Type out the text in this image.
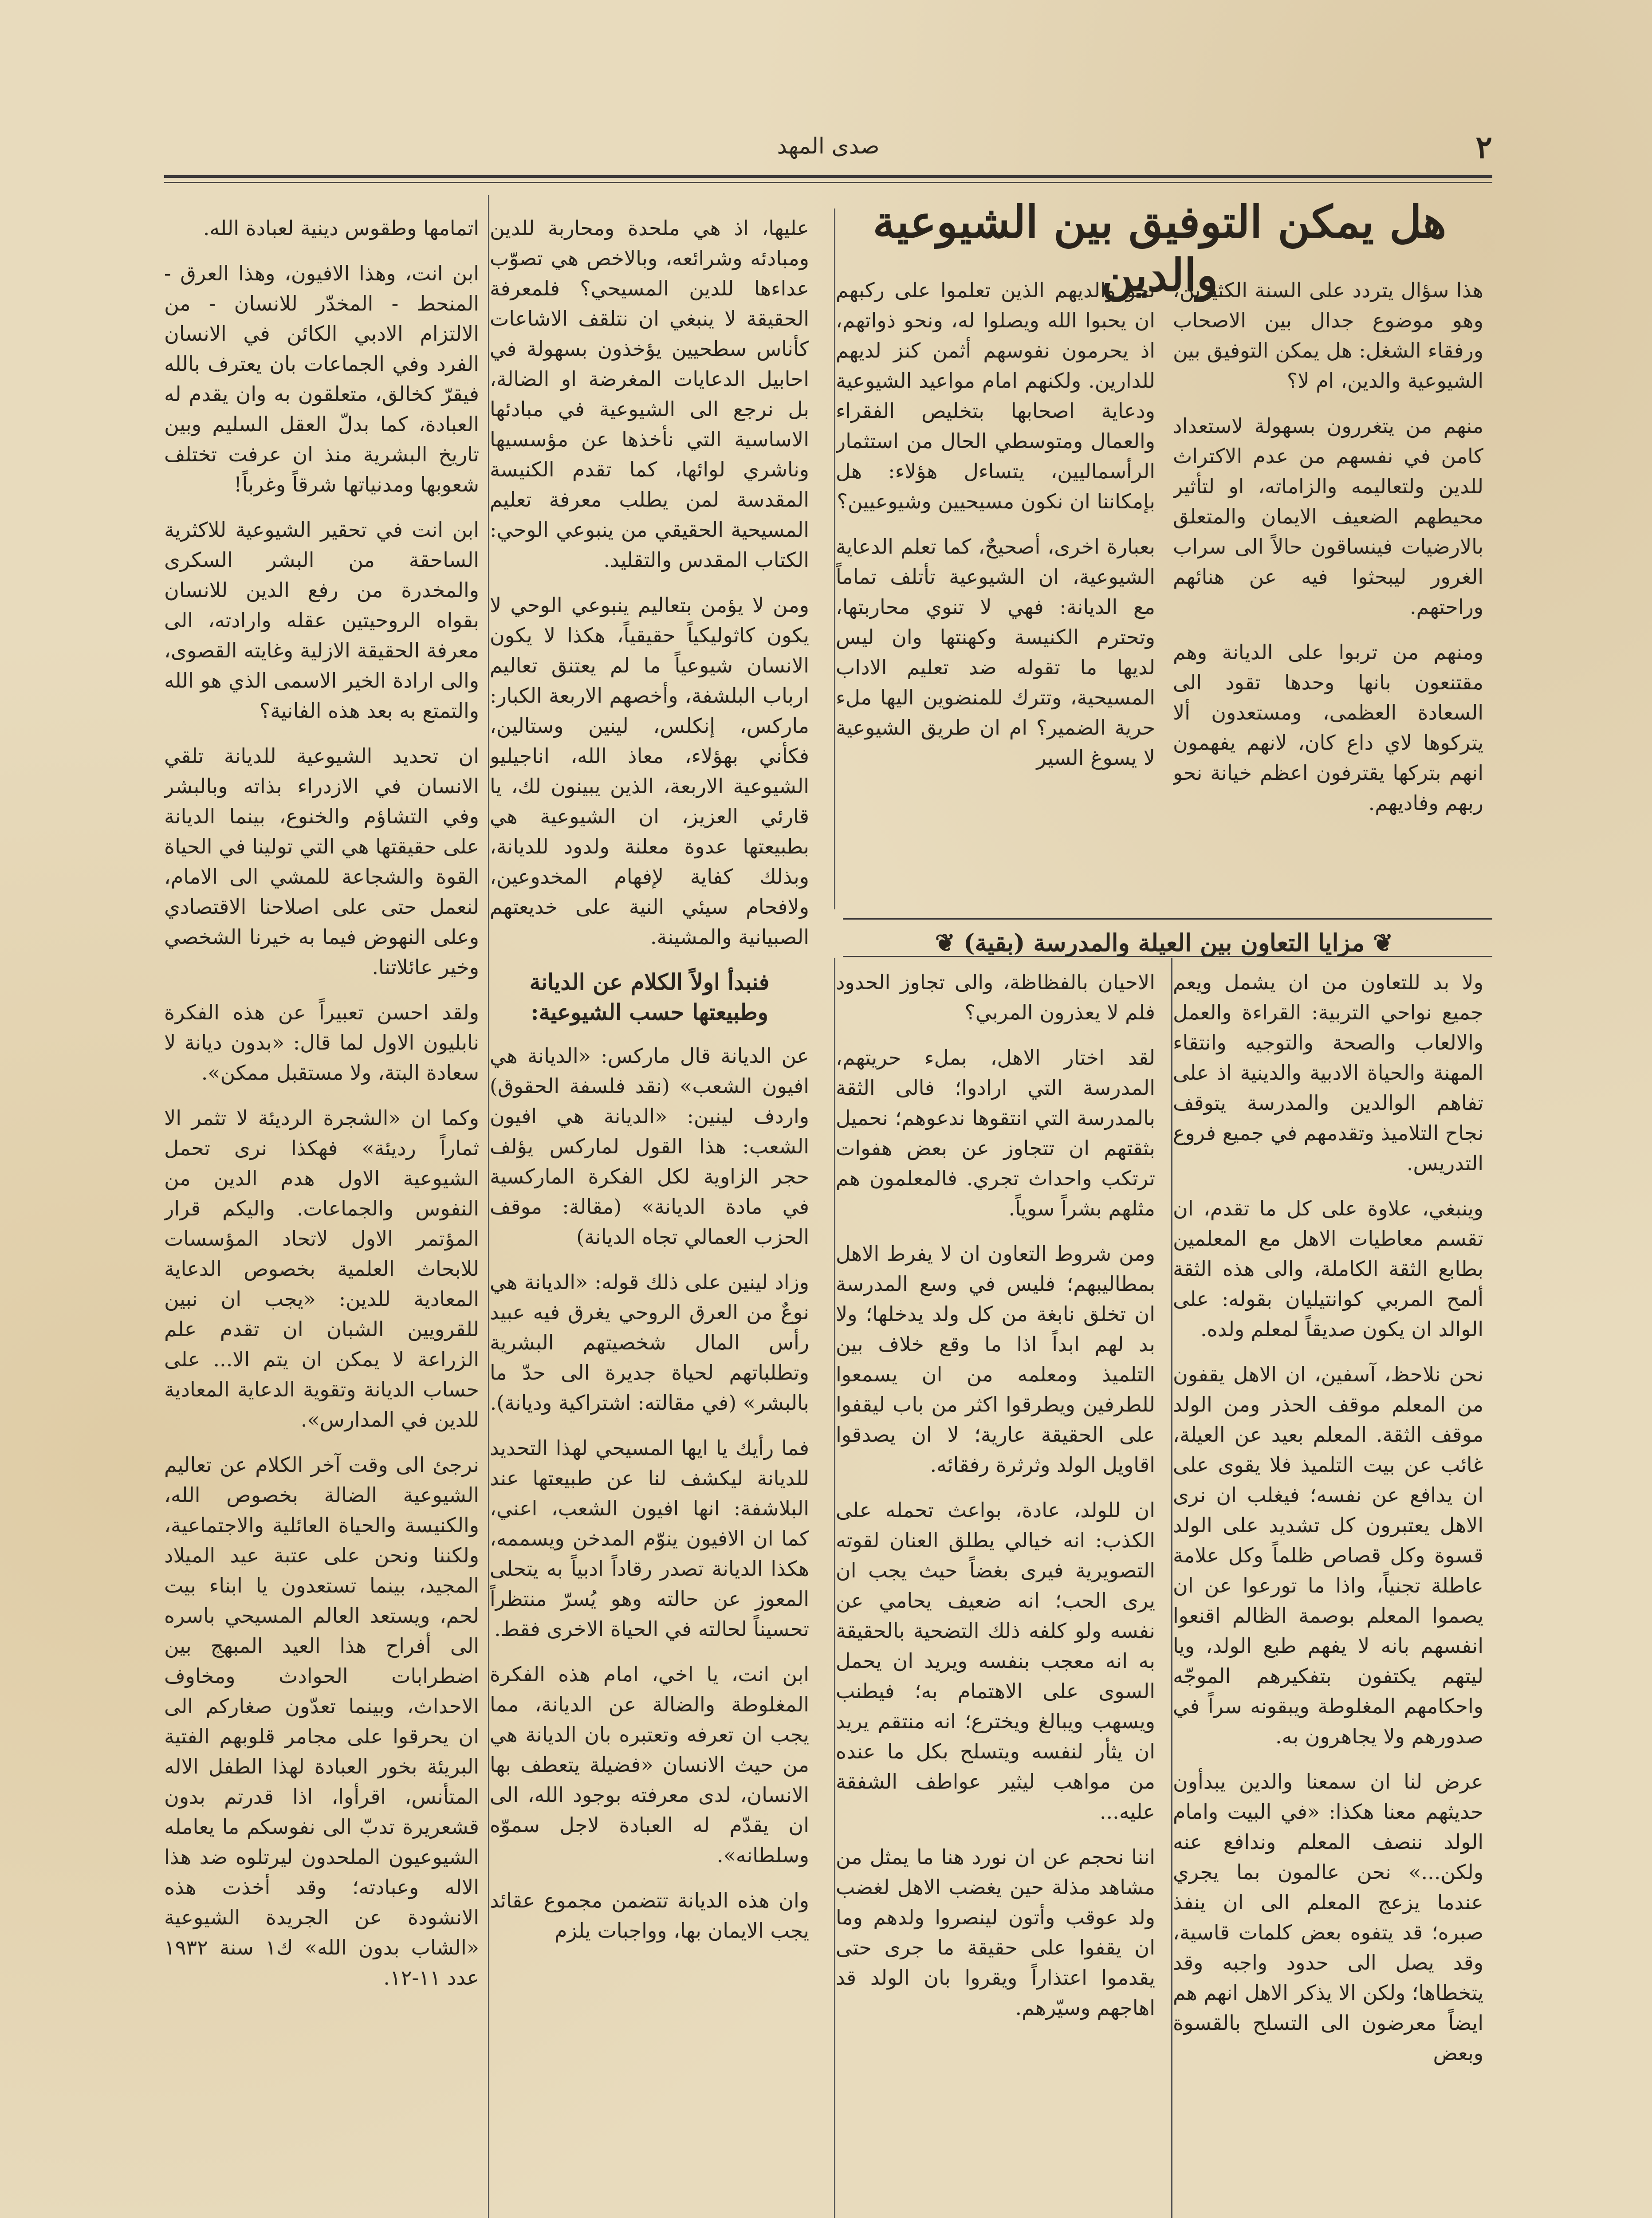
٢
صدى المهد
هل يمكن التوفيق بين الشيوعية والدين

هذا سؤال يتردد على السنة الكثيرين، وهو موضوع جدال بين الاصحاب ورفقاء الشغل: هل يمكن التوفيق بين الشيوعية والدين، ام لا؟

منهم من يتغررون بسهولة لاستعداد كامن في نفسهم من عدم الاكتراث للدين ولتعاليمه والزاماته، او لتأثير محيطهم الضعيف الايمان والمتعلق بالارضيات فينساقون حالاً الى سراب الغرور ليبحثوا فيه عن هنائهم وراحتهم.

ومنهم من تربوا على الديانة وهم مقتنعون بانها وحدها تقود الى السعادة العظمى، ومستعدون ألا يتركوها لاي داع كان، لانهم يفهمون انهم بتركها يقترفون اعظم خيانة نحو ربهم وفاديهم.

نحو والديهم الذين تعلموا على ركبهم ان يحبوا الله ويصلوا له، ونحو ذواتهم، اذ يحرمون نفوسهم أثمن كنز لديهم للدارين. ولكنهم امام مواعيد الشيوعية ودعاية اصحابها بتخليص الفقراء والعمال ومتوسطي الحال من استثمار الرأسماليين، يتساءل هؤلاء: هل بإمكاننا ان نكون مسيحيين وشيوعيين؟

بعبارة اخرى، أصحيحٌ، كما تعلم الدعاية الشيوعية، ان الشيوعية تأتلف تماماً مع الديانة: فهي لا تنوي محاربتها، وتحترم الكنيسة وكهنتها وان ليس لديها ما تقوله ضد تعليم الاداب المسيحية، وتترك للمنضوين اليها ملء حرية الضمير؟ ام ان طريق الشيوعية لا يسوغ السير

❦ مزايا التعاون بين العيلة والمدرسة (بقية) ❦

ولا بد للتعاون من ان يشمل ويعم جميع نواحي التربية: القراءة والعمل والالعاب والصحة والتوجيه وانتقاء المهنة والحياة الادبية والدينية اذ على تفاهم الوالدين والمدرسة يتوقف نجاح التلاميذ وتقدمهم في جميع فروع التدريس.

وينبغي، علاوة على كل ما تقدم، ان تقسم معاطيات الاهل مع المعلمين بطابع الثقة الكاملة، والى هذه الثقة ألمح المربي كوانتيليان بقوله: على الوالد ان يكون صديقاً لمعلم ولده.

نحن نلاحظ، آسفين، ان الاهل يقفون من المعلم موقف الحذر ومن الولد موقف الثقة. المعلم بعيد عن العيلة، غائب عن بيت التلميذ فلا يقوى على ان يدافع عن نفسه؛ فيغلب ان نرى الاهل يعتبرون كل تشديد على الولد قسوة وكل قصاص ظلماً وكل علامة عاطلة تجنياً، واذا ما تورعوا عن ان يصموا المعلم بوصمة الظالم اقنعوا انفسهم بانه لا يفهم طبع الولد، ويا ليتهم يكتفون بتفكيرهم الموجّه واحكامهم المغلوطة ويبقونه سراً في صدورهم ولا يجاهرون به.

عرض لنا ان سمعنا والدين يبدأون حديثهم معنا هكذا: «في البيت وامام الولد ننصف المعلم وندافع عنه ولكن...» نحن عالمون بما يجري عندما يزعج المعلم الى ان ينفذ صبره؛ قد يتفوه بعض كلمات قاسية، وقد يصل الى حدود واجبه وقد يتخطاها؛ ولكن الا يذكر الاهل انهم هم ايضاً معرضون الى التسلح بالقسوة وبعض

الاحيان بالفظاظة، والى تجاوز الحدود فلم لا يعذرون المربي؟

لقد اختار الاهل، بملء حريتهم، المدرسة التي ارادوا؛ فالى الثقة بالمدرسة التي انتقوها ندعوهم؛ نحميل بثقتهم ان تتجاوز عن بعض هفوات ترتكب واحداث تجري. فالمعلمون هم مثلهم بشراً سوياً.

ومن شروط التعاون ان لا يفرط الاهل بمطاليبهم؛ فليس في وسع المدرسة ان تخلق نابغة من كل ولد يدخلها؛ ولا بد لهم ابداً اذا ما وقع خلاف بين التلميذ ومعلمه من ان يسمعوا للطرفين ويطرقوا اكثر من باب ليقفوا على الحقيقة عارية؛ لا ان يصدقوا اقاويل الولد وثرثرة رفقائه.

ان للولد، عادة، بواعث تحمله على الكذب: انه خيالي يطلق العنان لقوته التصويرية فيرى بغضاً حيث يجب ان يرى الحب؛ انه ضعيف يحامي عن نفسه ولو كلفه ذلك التضحية بالحقيقة به انه معجب بنفسه ويريد ان يحمل السوى على الاهتمام به؛ فيطنب ويسهب ويبالغ ويخترع؛ انه منتقم يريد ان يثأر لنفسه ويتسلح بكل ما عنده من مواهب ليثير عواطف الشفقة عليه...

اننا نحجم عن ان نورد هنا ما يمثل من مشاهد مذلة حين يغضب الاهل لغضب ولد عوقب وأتون لينصروا ولدهم وما ان يقفوا على حقيقة ما جرى حتى يقدموا اعتذاراً ويقروا بان الولد قد اهاجهم وسيّرهم.

عليها، اذ هي ملحدة ومحاربة للدين ومبادئه وشرائعه، وبالاخص هي تصوّب عداءها للدين المسيحي؟ فلمعرفة الحقيقة لا ينبغي ان نتلقف الاشاعات كأناس سطحيين يؤخذون بسهولة في احابيل الدعايات المغرضة او الضالة، بل نرجع الى الشيوعية في مبادئها الاساسية التي نأخذها عن مؤسسيها وناشري لوائها، كما تقدم الكنيسة المقدسة لمن يطلب معرفة تعليم المسيحية الحقيقي من ينبوعي الوحي: الكتاب المقدس والتقليد.

ومن لا يؤمن بتعاليم ينبوعي الوحي لا يكون كاثوليكياً حقيقياً، هكذا لا يكون الانسان شيوعياً ما لم يعتنق تعاليم ارباب البلشفة، وأخصهم الاربعة الكبار: ماركس، إنكلس، لينين وستالين، فكأني بهؤلاء، معاذ الله، اناجيليو الشيوعية الاربعة، الذين يبينون لك، يا قارئي العزيز، ان الشيوعية هي بطبيعتها عدوة معلنة ولدود للديانة، وبذلك كفاية لإفهام المخدوعين، ولافحام سيئي النية على خديعتهم الصبيانية والمشينة.

فنبدأ اولاً الكلام عن الديانة وطبيعتها حسب الشيوعية:

عن الديانة قال ماركس: «الديانة هي افيون الشعب» (نقد فلسفة الحقوق) واردف لينين: «الديانة هي افيون الشعب: هذا القول لماركس يؤلف حجر الزاوية لكل الفكرة الماركسية في مادة الديانة» (مقالة: موقف الحزب العمالي تجاه الديانة)

وزاد لينين على ذلك قوله: «الديانة هي نوعٌ من العرق الروحي يغرق فيه عبيد رأس المال شخصيتهم البشرية وتطلباتهم لحياة جديرة الى حدّ ما بالبشر» (في مقالته: اشتراكية وديانة).

فما رأيك يا ايها المسيحي لهذا التحديد للديانة ليكشف لنا عن طبيعتها عند البلاشفة: انها افيون الشعب، اعني، كما ان الافيون ينوّم المدخن ويسممه، هكذا الديانة تصدر رقاداً ادبياً به يتحلى المعوز عن حالته وهو يُسرّ منتظراً تحسيناً لحالته في الحياة الاخرى فقط.

ابن انت، يا اخي، امام هذه الفكرة المغلوطة والضالة عن الديانة، مما يجب ان تعرفه وتعتبره بان الديانة هي من حيث الانسان «فضيلة يتعطف بها الانسان، لدى معرفته بوجود الله، الى ان يقدّم له العبادة لاجل سموّه وسلطانه».

وان هذه الديانة تتضمن مجموع عقائد يجب الايمان بها، وواجبات يلزم

اتمامها وطقوس دينية لعبادة الله.

ابن انت، وهذا الافيون، وهذا العرق - المنحط - المخدّر للانسان - من الالتزام الادبي الكائن في الانسان الفرد وفي الجماعات بان يعترف بالله فيقرّ كخالق، متعلقون به وان يقدم له العبادة، كما بدلّ العقل السليم وبين تاريخ البشرية منذ ان عرفت تختلف شعوبها ومدنياتها شرقاً وغرباً!

ابن انت في تحقير الشيوعية للاكثرية الساحقة من البشر السكرى والمخدرة من رفع الدين للانسان بقواه الروحيتين عقله وارادته، الى معرفة الحقيقة الازلية وغايته القصوى، والى ارادة الخير الاسمى الذي هو الله والتمتع به بعد هذه الفانية؟

ان تحديد الشيوعية للديانة تلقي الانسان في الازدراء بذاته وبالبشر وفي التشاؤم والخنوع، بينما الديانة على حقيقتها هي التي تولينا في الحياة القوة والشجاعة للمشي الى الامام، لنعمل حتى على اصلاحنا الاقتصادي وعلى النهوض فيما به خيرنا الشخصي وخير عائلاتنا.

ولقد احسن تعبيراً عن هذه الفكرة نابليون الاول لما قال: «بدون ديانة لا سعادة البتة، ولا مستقبل ممكن».

وكما ان «الشجرة الرديئة لا تثمر الا ثماراً رديئة» فهكذا نرى تحمل الشيوعية الاول هدم الدين من النفوس والجماعات. واليكم قرار المؤتمر الاول لاتحاد المؤسسات للابحاث العلمية بخصوص الدعاية المعادية للدين: «يجب ان نبين للقرويين الشبان ان تقدم علم الزراعة لا يمكن ان يتم الا... على حساب الديانة وتقوية الدعاية المعادية للدين في المدارس».

نرجئ الى وقت آخر الكلام عن تعاليم الشيوعية الضالة بخصوص الله، والكنيسة والحياة العائلية والاجتماعية، ولكننا ونحن على عتبة عيد الميلاد المجيد، بينما تستعدون يا ابناء بيت لحم، ويستعد العالم المسيحي باسره الى أفراح هذا العيد المبهج بين اضطرابات الحوادث ومخاوف الاحداث، وبينما تعدّون صغاركم الى ان يحرقوا على مجامر قلوبهم الفتية البريئة بخور العبادة لهذا الطفل الاله المتأنس، اقرأوا، اذا قدرتم بدون قشعريرة تدبّ الى نفوسكم ما يعامله الشيوعيون الملحدون ليرتلوه ضد هذا الاله وعبادته؛ وقد أخذت هذه الانشودة عن الجريدة الشيوعية «الشاب بدون الله» ك١ سنة ١٩٣٢ عدد ١١-١٢.
